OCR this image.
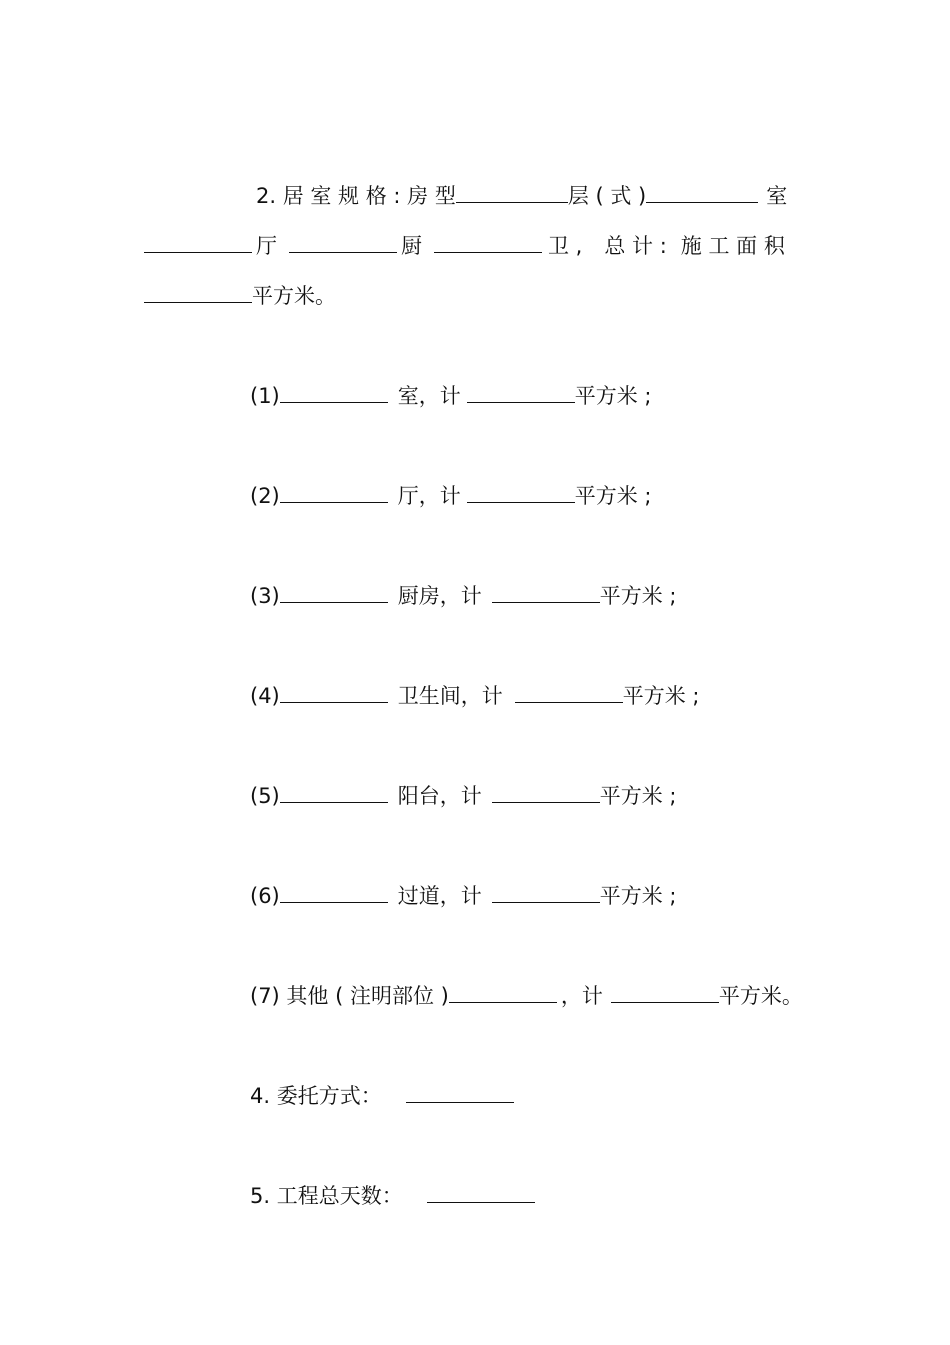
2. 居 室 规 格 : 房 型	层 ( 式 )	室
厅	厨	卫 , 总 计 : 施 工 面 积
平方米。
(1)	室，计	平方米 ;
(2)	厅，计	平方米 ;
(3)	厨房，计	平方米 ;
(4)	卫生间，计	平方米 ;
(5)	阳台，计	平方米 ;
(6)	过道，计	平方米 ;
(7) 其他 ( 注明部位 )	，计	平方米。
4. 委托方式：
5. 工程总天数：
